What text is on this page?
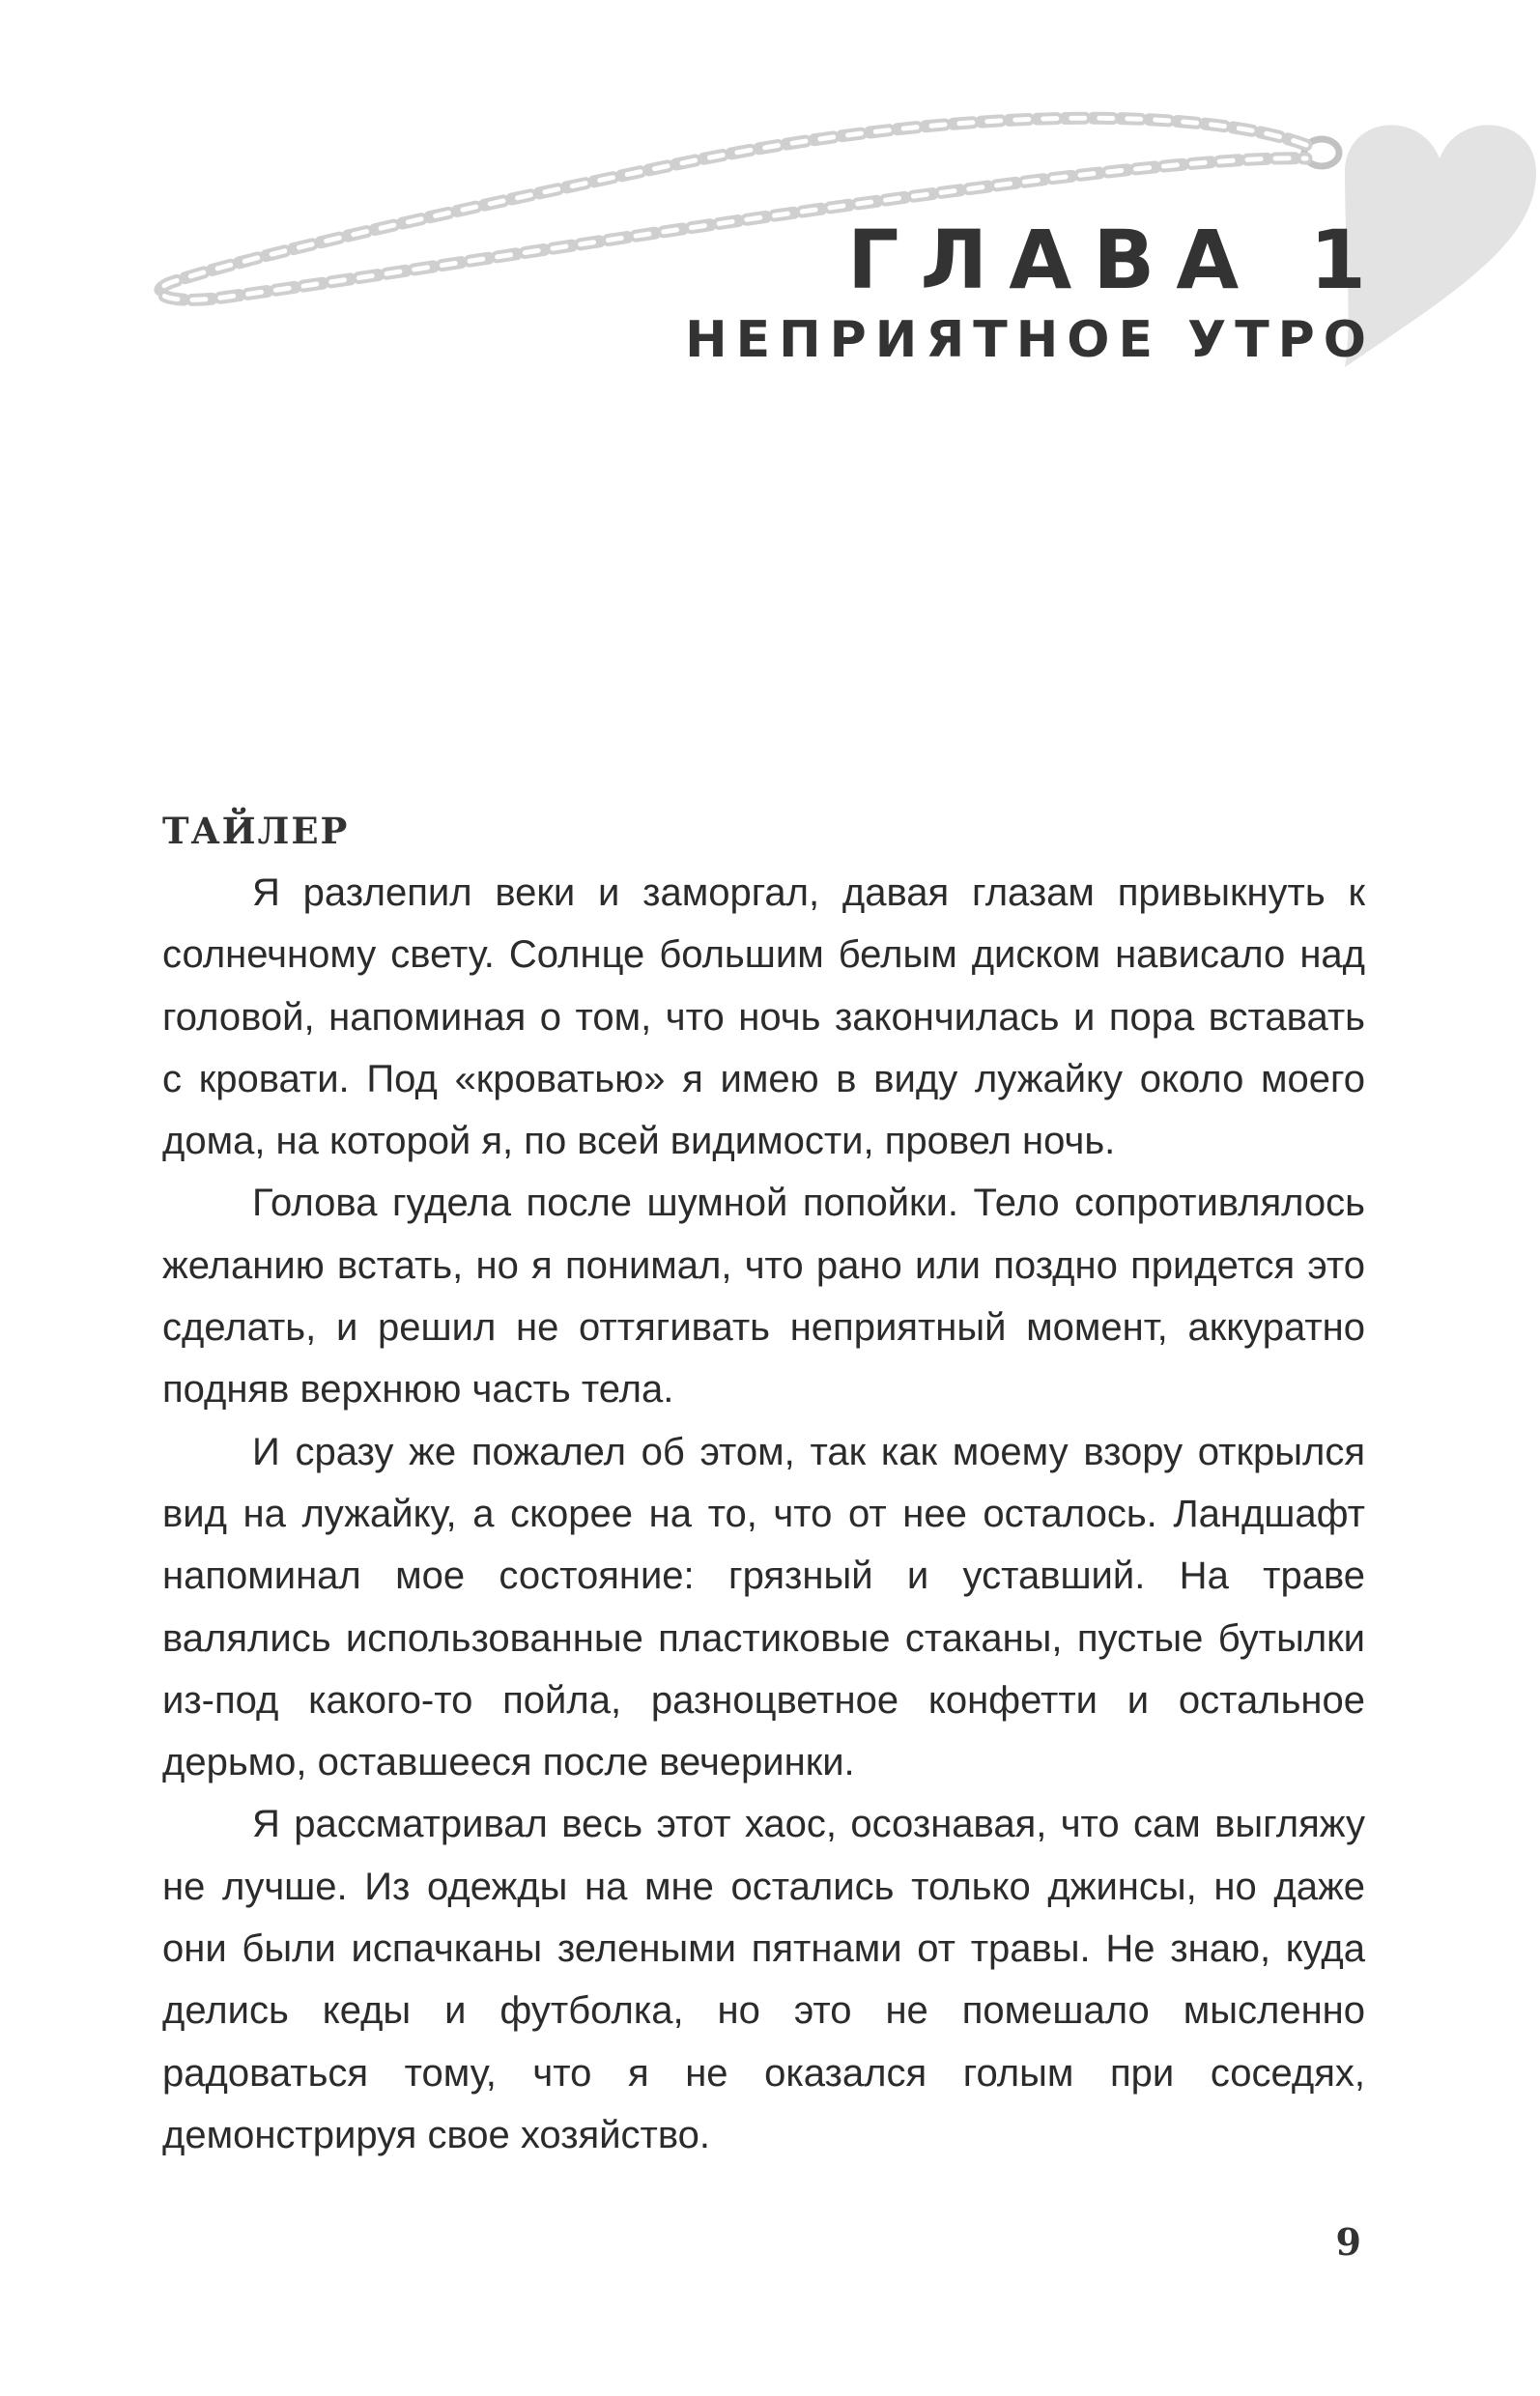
ГЛАВА 1
НЕПРИЯТНОЕ УТРО
ТАЙЛЕР

Я разлепил веки и заморгал, давая глазам привыкнуть к солнечному свету. Солнце большим белым диском нависало над головой, напоминая о том, что ночь закончилась и пора вставать с кровати. Под «кроватью» я имею в виду лужайку около моего дома, на которой я, по всей видимости, провел ночь.

Голова гудела после шумной попойки. Тело сопротивлялось желанию встать, но я понимал, что рано или поздно придется это сделать, и решил не оттягивать неприятный момент, аккуратно подняв верхнюю часть тела.

И сразу же пожалел об этом, так как моему взору открылся вид на лужайку, а скорее на то, что от нее осталось. Ландшафт напоминал мое состояние: грязный и уставший. На траве валялись использованные пластиковые стаканы, пустые бутылки из-под какого-то пойла, разноцветное конфетти и остальное дерьмо, оставшееся после вечеринки.

Я рассматривал весь этот хаос, осознавая, что сам выгляжу не лучше. Из одежды на мне остались только джинсы, но даже они были испачканы зелеными пятнами от травы. Не знаю, куда делись кеды и футболка, но это не помешало мысленно радоваться тому, что я не оказался голым при соседях, демонстрируя свое хозяйство.

9
